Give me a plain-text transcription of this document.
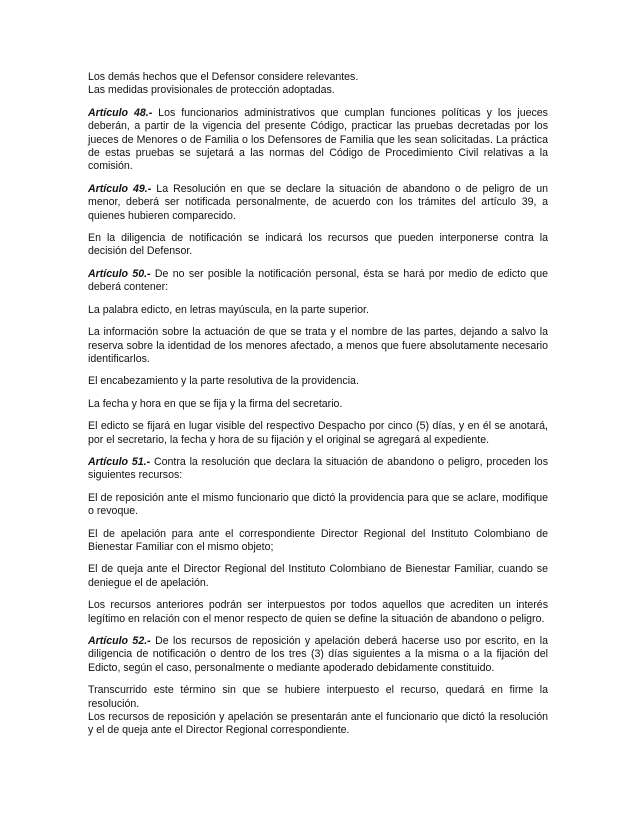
Los demás hechos que el Defensor considere relevantes.

Las medidas provisionales de protección adoptadas.

Artículo 48.- Los funcionarios administrativos que cumplan funciones políticas y los jueces deberán, a partir de la vigencia del presente Código, practicar las pruebas decretadas por los jueces de Menores o de Familia o los Defensores de Familia que les sean solicitadas. La práctica de estas pruebas se sujetará a las normas del Código de Procedimiento Civil relativas a la comisión.

Artículo 49.- La Resolución en que se declare la situación de abandono o de peligro de un menor, deberá ser notificada personalmente, de acuerdo con los trámites del artículo 39, a quienes hubieren comparecido.

En la diligencia de notificación se indicará los recursos que pueden interponerse contra la decisión del Defensor.

Artículo 50.- De no ser posible la notificación personal, ésta se hará por medio de edicto que deberá contener:

La palabra edicto, en letras mayúscula, en la parte superior.

La información sobre la actuación de que se trata y el nombre de las partes, dejando a salvo la reserva sobre la identidad de los menores afectado, a menos que fuere absolutamente necesario identificarlos.

El encabezamiento y la parte resolutiva de la providencia.

La fecha y hora en que se fija y la firma del secretario.

El edicto se fijará en lugar visible del respectivo Despacho por cinco (5) días, y en él se anotará, por el secretario, la fecha y hora de su fijación y el original se agregará al expediente.

Artículo 51.- Contra la resolución que declara la situación de abandono o peligro, proceden los siguientes recursos:

El de reposición ante el mismo funcionario que dictó la providencia para que se aclare, modifique o revoque.

El de apelación para ante el correspondiente Director Regional del Instituto Colombiano de Bienestar Familiar con el mismo objeto;

El de queja ante el Director Regional del Instituto Colombiano de Bienestar Familiar, cuando se deniegue el de apelación.

Los recursos anteriores podrán ser interpuestos por todos aquellos que acrediten un interés legítimo en relación con el menor respecto de quien se define la situación de abandono o peligro.

Artículo 52.- De los recursos de reposición y apelación deberá hacerse uso por escrito, en la diligencia de notificación o dentro de los tres (3) días siguientes a la misma o a la fijación del Edicto, según el caso, personalmente o mediante apoderado debidamente constituido.

Transcurrido este término sin que se hubiere interpuesto el recurso, quedará en firme la resolución.

Los recursos de reposición y apelación se presentarán ante el funcionario que dictó la resolución y el de queja ante el Director Regional correspondiente.
